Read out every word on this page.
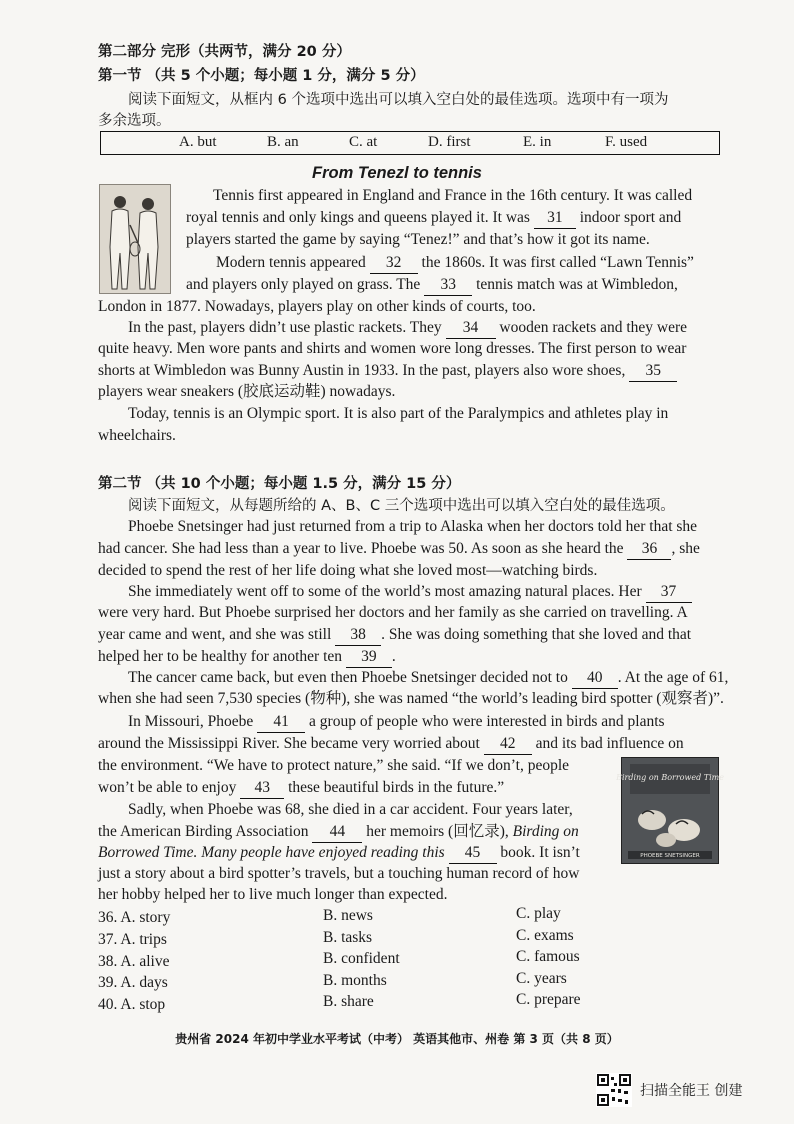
第二部分 完形（共两节，满分 20 分）
第一节 （共 5 个小题；每小题 1 分，满分 5 分）
阅读下面短文，从框内 6 个选项中选出可以填入空白处的最佳选项。选项中有一项为
多余选项。
A. but	B. an	C. at	D. first	E. in	F. used
From Tenezl to tennis
Tennis first appeared in England and France in the 16th century. It was called
royal tennis and only kings and queens played it. It was 31 indoor sport and
players started the game by saying “Tenez!” and that’s how it got its name.
Modern tennis appeared 32 the 1860s. It was first called “Lawn Tennis”
and players only played on grass. The 33 tennis match was at Wimbledon,
London in 1877. Nowadays, players play on other kinds of courts, too.
In the past, players didn’t use plastic rackets. They 34 wooden rackets and they were
quite heavy. Men wore pants and shirts and women wore long dresses. The first person to wear
shorts at Wimbledon was Bunny Austin in 1933. In the past, players also wore shoes, 35
players wear sneakers (胶底运动鞋) nowadays.
Today, tennis is an Olympic sport. It is also part of the Paralympics and athletes play in
wheelchairs.
第二节 （共 10 个小题；每小题 1.5 分，满分 15 分）
阅读下面短文，从每题所给的 A、B、C 三个选项中选出可以填入空白处的最佳选项。
Phoebe Snetsinger had just returned from a trip to Alaska when her doctors told her that she
had cancer. She had less than a year to live. Phoebe was 50. As soon as she heard the 36 , she
decided to spend the rest of her life doing what she loved most—watching birds.
She immediately went off to some of the world’s most amazing natural places. Her 37
were very hard. But Phoebe surprised her doctors and her family as she carried on travelling. A
year came and went, and she was still 38 . She was doing something that she loved and that
helped her to be healthy for another ten 39 .
The cancer came back, but even then Phoebe Snetsinger decided not to 40 . At the age of 61,
when she had seen 7,530 species (物种), she was named “the world’s leading bird spotter (观察者)”.
In Missouri, Phoebe 41 a group of people who were interested in birds and plants
around the Mississippi River. She became very worried about 42 and its bad influence on
the environment. “We have to protect nature,” she said. “If we don’t, people
won’t be able to enjoy 43 these beautiful birds in the future.”
Sadly, when Phoebe was 68, she died in a car accident. Four years later,
the American Birding Association 44 her memoirs (回忆录), Birding on
Borrowed Time. Many people have enjoyed reading this 45 book. It isn’t
just a story about a bird spotter’s travels, but a touching human record of how
her hobby helped her to live much longer than expected.
Birding on Borrowed Time
PHOEBE SNETSINGER
36. A. story	B. news	C. play
37. A. trips	B. tasks	C. exams
38. A. alive	B. confident	C. famous
39. A. days	B. months	C. years
40. A. stop	B. share	C. prepare
贵州省 2024 年初中学业水平考试（中考） 英语其他市、州卷 第 3 页（共 8 页）
扫描全能王 创建
